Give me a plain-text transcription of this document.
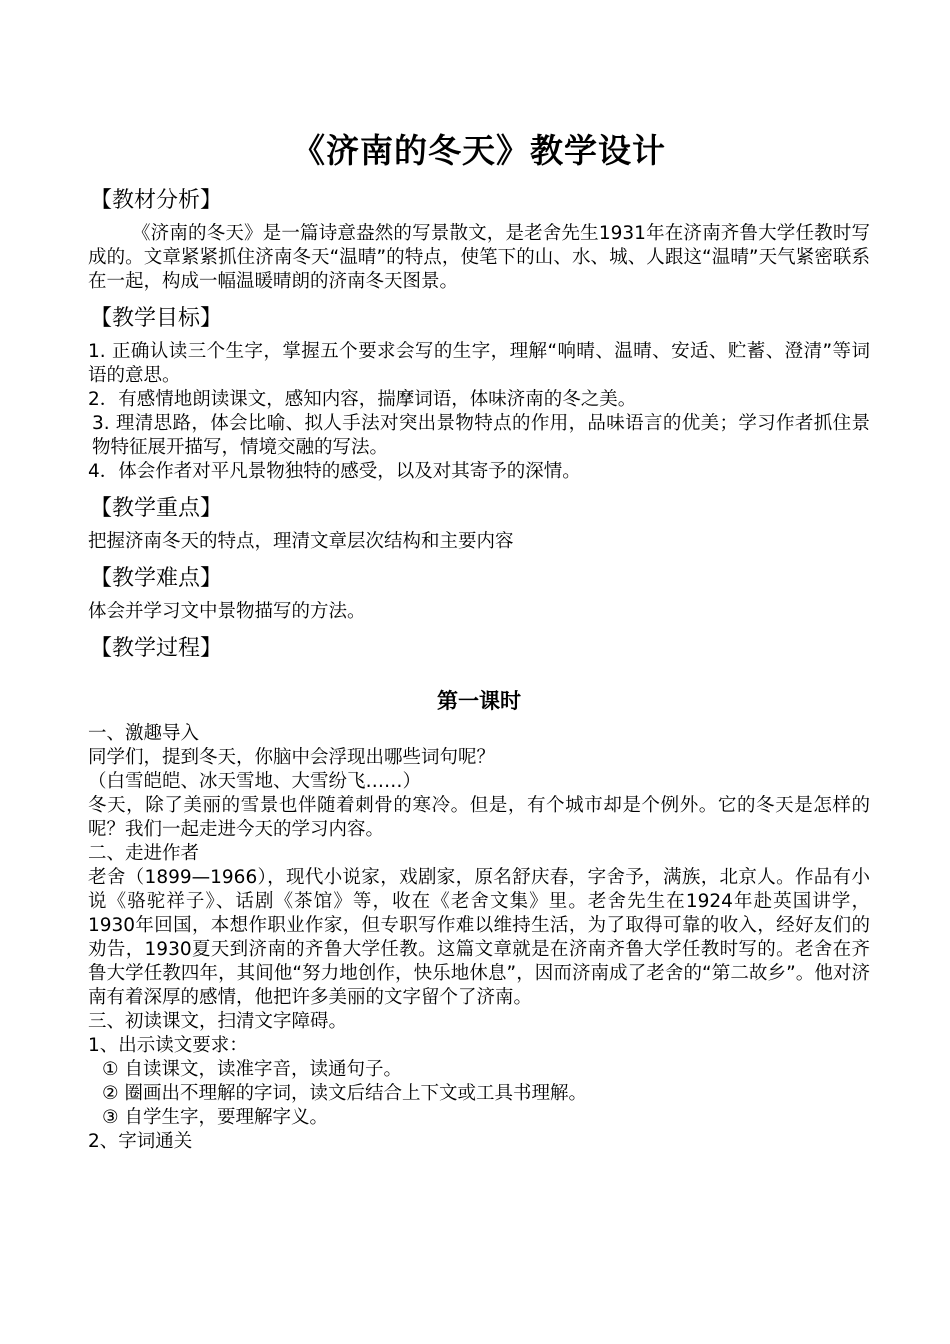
《济南的冬天》教学设计
【教材分析】

《济南的冬天》是一篇诗意盎然的写景散文，是老舍先生1931年在济南齐鲁大学任教时写成的。文章紧紧抓住济南冬天“温晴”的特点，使笔下的山、水、城、人跟这“温晴”天气紧密联系在一起，构成一幅温暖晴朗的济南冬天图景。

【教学目标】

1. 正确认读三个生字，掌握五个要求会写的生字，理解“响晴、温晴、安适、贮蓄、澄清”等词语的意思。

2．有感情地朗读课文，感知内容，揣摩词语，体味济南的冬之美。

3. 理清思路，体会比喻、拟人手法对突出景物特点的作用，品味语言的优美；学习作者抓住景物特征展开描写，情境交融的写法。

4．体会作者对平凡景物独特的感受，以及对其寄予的深情。

【教学重点】

把握济南冬天的特点，理清文章层次结构和主要内容

【教学难点】

体会并学习文中景物描写的方法。

【教学过程】
第一课时

一、激趣导入

同学们，提到冬天，你脑中会浮现出哪些词句呢？

（白雪皑皑、冰天雪地、大雪纷飞……）

冬天，除了美丽的雪景也伴随着刺骨的寒冷。但是，有个城市却是个例外。它的冬天是怎样的呢？我们一起走进今天的学习内容。

二、走进作者

老舍（1899—1966），现代小说家，戏剧家，原名舒庆春，字舍予，满族，北京人。作品有小说《骆驼祥子》、话剧《茶馆》等，收在《老舍文集》里。老舍先生在1924年赴英国讲学，1930年回国，本想作职业作家，但专职写作难以维持生活，为了取得可靠的收入，经好友们的劝告，1930夏天到济南的齐鲁大学任教。这篇文章就是在济南齐鲁大学任教时写的。老舍在齐鲁大学任教四年，其间他“努力地创作，快乐地休息”，因而济南成了老舍的“第二故乡”。他对济南有着深厚的感情，他把许多美丽的文字留个了济南。

三、初读课文，扫清文字障碍。

1、出示读文要求：

① 自读课文，读准字音，读通句子。

② 圈画出不理解的字词，读文后结合上下文或工具书理解。

③ 自学生字，要理解字义。

2、字词通关
